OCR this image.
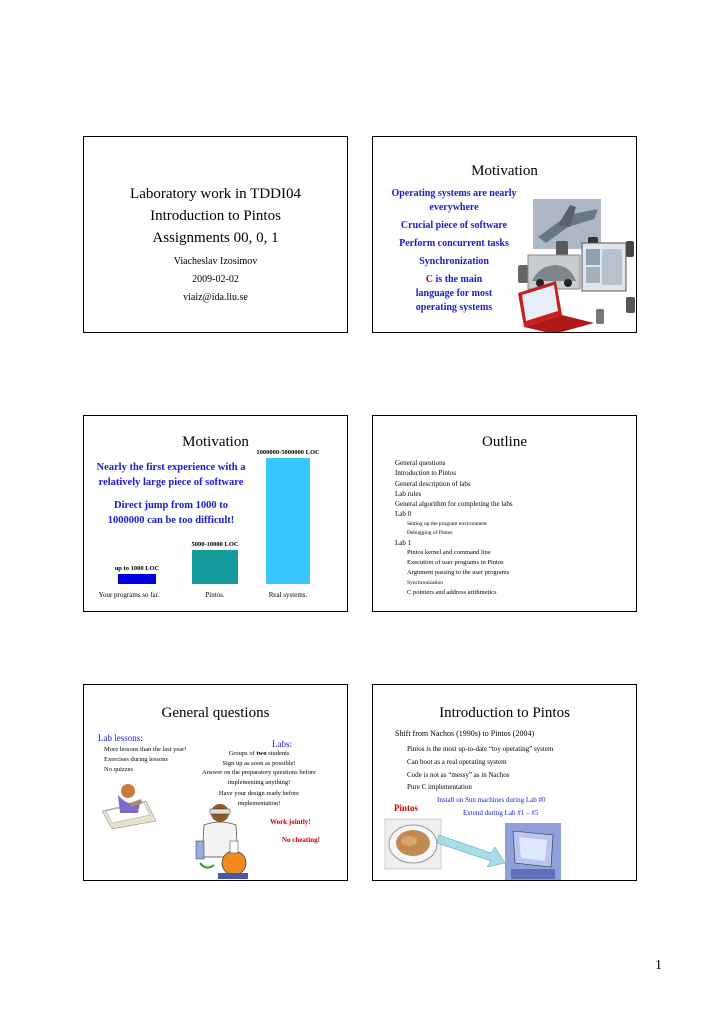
Laboratory work in TDDI04
Introduction to Pintos
Assignments 00, 0, 1
Viacheslav Izosimov
2009-02-02
viaiz@ida.liu.se
Motivation
Operating systems are nearly everywhere
Crucial piece of software
Perform concurrent tasks
Synchronization
C is the main language for most operating systems
Motivation
Nearly the first experience with a relatively large piece of software
Direct jump from 1000 to 1000000 can be too difficult!
up to 1000 LOC
Your programs so far.
5000-10000 LOC
Pintos.
1000000-5000000 LOC
Real systems.
Outline
General questions
Introduction to Pintos
General description of labs
Lab rules
General algorithm for completing the labs
Lab 0
Setting up the program environment
Debugging of Pintos
Lab 1
Pintos kernel and command line
Execution of user programs in Pintos
Argument passing to the user programs
Synchronization
C pointers and address arithmetics
General questions
Lab lessons:
More lessons than the last year!
Exercises during lessons
No quizzes
Labs:
Groups of two students
Sign up as soon as possible!
Answer on the preparatory questions before implementing anything!
Have your design ready before implementation!
Work jointly!
No cheating!
Introduction to Pintos
Shift from Nachos (1990s) to Pintos (2004)
Pintos is the most up-to-date “toy operating” system
Can boot as a real operating system
Code is not as “messy” as in Nachos
Pure C implementation
Install on Sun machines during Lab #0
Pintos	Extend during Lab #1 – #5
1
